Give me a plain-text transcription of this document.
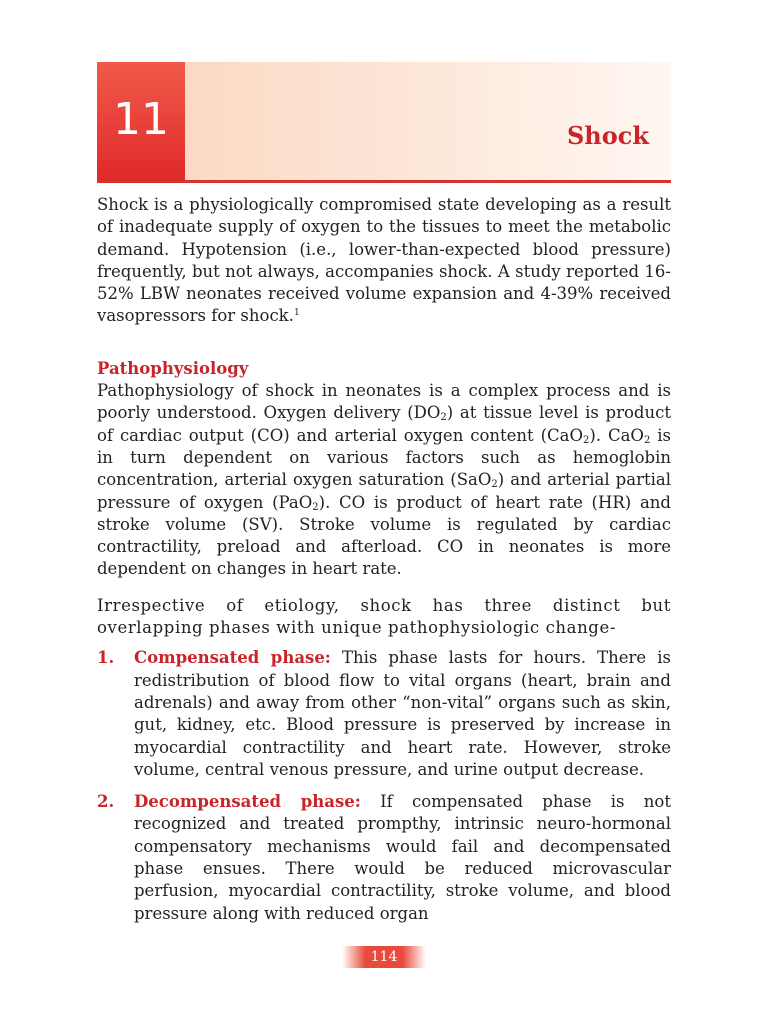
11	Shock

Shock is a physiologically compromised state developing as a result of inadequate supply of oxygen to the tissues to meet the metabolic demand. Hypotension (i.e., lower-than-expected blood pressure) frequently, but not always, accompanies shock. A study reported 16-52% LBW neonates received volume expansion and 4-39% received vasopressors for shock.$^1$

Pathophysiology

Pathophysiology of shock in neonates is a complex process and is poorly understood. Oxygen delivery $(DO_2)$ at tissue level is product of cardiac output (CO) and arterial oxygen content (CaO$_2$). CaO$_2$ is in turn dependent on various factors such as hemoglobin concentration, arterial oxygen saturation (SaO$_2$) and arterial partial pressure of oxygen (PaO$_2$). CO is product of heart rate (HR) and stroke volume (SV). Stroke volume is regulated by cardiac contractility, preload and afterload. CO in neonates is more dependent on changes in heart rate.

Irrespective of etiology, shock has three distinct but overlapping phases with unique pathophysiologic change-

1. Compensated phase: This phase lasts for hours. There is redistribution of blood flow to vital organs (heart, brain and adrenals) and away from other “non-vital” organs such as skin, gut, kidney, etc. Blood pressure is preserved by increase in myocardial contractility and heart rate. However, stroke volume, central venous pressure, and urine output decrease.

2. Decompensated phase: If compensated phase is not recognized and treated prompthy, intrinsic neuro-hormonal compensatory mechanisms would fail and decompensated phase ensues. There would be reduced microvascular perfusion, myocardial contractility, stroke volume, and blood pressure along with reduced organ

114
